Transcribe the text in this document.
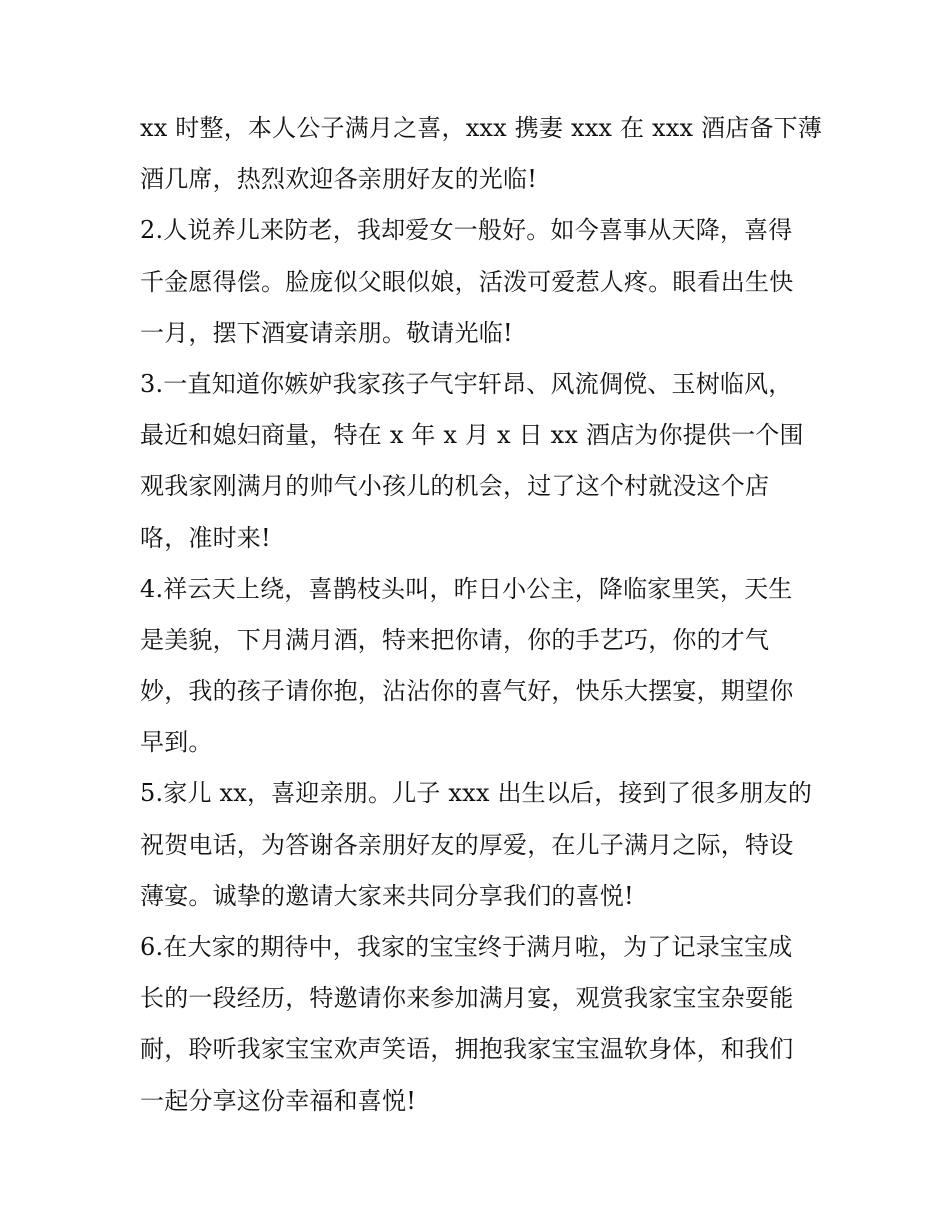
xx 时整，本人公子满月之喜，xxx 携妻 xxx 在 xxx 酒店备下薄
酒几席，热烈欢迎各亲朋好友的光临!
2.人说养儿来防老，我却爱女一般好。如今喜事从天降，喜得
千金愿得偿。脸庞似父眼似娘，活泼可爱惹人疼。眼看出生快
一月，摆下酒宴请亲朋。敬请光临!
3.一直知道你嫉妒我家孩子气宇轩昂、风流倜傥、玉树临风，
最近和媳妇商量，特在 x 年 x 月 x 日 xx 酒店为你提供一个围
观我家刚满月的帅气小孩儿的机会，过了这个村就没这个店
咯，准时来!
4.祥云天上绕，喜鹊枝头叫，昨日小公主，降临家里笑，天生
是美貌，下月满月酒，特来把你请，你的手艺巧，你的才气
妙，我的孩子请你抱，沾沾你的喜气好，快乐大摆宴，期望你
早到。
5.家儿 xx，喜迎亲朋。儿子 xxx 出生以后，接到了很多朋友的
祝贺电话，为答谢各亲朋好友的厚爱，在儿子满月之际，特设
薄宴。诚挚的邀请大家来共同分享我们的喜悦!
6.在大家的期待中，我家的宝宝终于满月啦，为了记录宝宝成
长的一段经历，特邀请你来参加满月宴，观赏我家宝宝杂耍能
耐，聆听我家宝宝欢声笑语，拥抱我家宝宝温软身体，和我们
一起分享这份幸福和喜悦!
